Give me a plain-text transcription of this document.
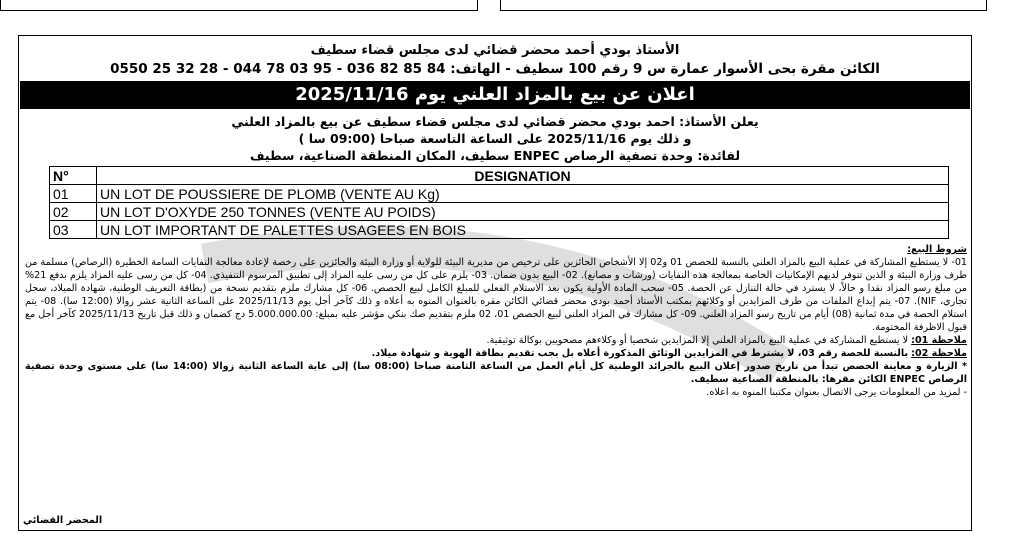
الأستاذ بودي أحمد محضر قضائي لدى مجلس قضاء سطيف
الكائن مقرة بحى الأسوار عمارة س 9 رقم 100 سطيف - الهاتف: 84 85 82 036 - 95 03 78 044 - 28 32 25 0550
اعلان عن بيع بالمزاد العلني يوم 2025/11/16
يعلن الأستاذ: احمد بودي محضر قضائي لدى مجلس قضاء سطيف عن بيع بالمزاد العلني
و ذلك يوم 2025/11/16 على الساعة التاسعة صباحا (09:00 سا )
لفائدة: وحدة تصفية الرصاص ENPEC سطيف، المكان المنطقة الصناعية، سطيف
N°	DESIGNATION
01	UN LOT DE POUSSIERE DE PLOMB (VENTE AU Kg)
02	UN LOT D'OXYDE 250 TONNES (VENTE AU POIDS)
03	UN LOT IMPORTANT DE PALETTES USAGEES EN BOIS

شروط البيع:

01- لا يستطيع المشاركة في عملية البيع بالمزاد العلني بالنسبة للحصص 01 و02 إلا الأشخاص الحائزين على ترخيص من مديرية البيئة للولاية أو وزارة البيئة والحائزين على رخصة لإعادة معالجة النفايات السامة الخطيرة (الرصاص) مسلمة من طرف وزارة البيئة و الذين تتوفر لديهم الإمكانيات الخاصة بمعالجة هذه النفايات (ورشات و مصانع). 02- البيع بدون ضمان. 03- يلزم على كل من رسى عليه المزاد إلى تطبيق المرسوم التنفيذي. 04- كل من رسى عليه المزاد يلزم بدفع 21% من مبلغ رسو المزاد نقدا و حالاً، لا يسترد في حالة التنازل عن الحصة. 05- سحب المادة الأولية يكون بعد الاستلام الفعلي للمبلغ الكامل لبيع الحصص. 06- كل مشارك ملزم بتقديم نسخة من (بطاقة التعريف الوطنية، شهادة الميلاد، سجل تجاري، NIF). 07- يتم إيداع الملفات من طرف المزايدين أو وكلائهم بمكتب الأستاذ أحمد بودي محضر قضائي الكائن مقره بالعنوان المنوه به أعلاه و ذلك كآخر أجل يوم 2025/11/13 على الساعة الثانية عشر زوالا (12:00 سا). 08- يتم استلام الحصة في مدة ثمانية (08) أيام من تاريخ رسو المزاد العلني. 09- كل مشارك في المزاد العلني لبيع الحصص 01، 02 ملزم بتقديم صك بنكي مؤشر عليه بمبلغ: 5.000.000.00 دج كضمان و ذلك قبل تاريخ 2025/11/13 كآخر أجل مع قبول الاظرفة المختومة.

ملاحظة 01: لا يستطيع المشاركة في عملية البيع بالمزاد العلني إلا المزايدين شخصيا أو وكلاءهم مصحوبين بوكالة توثيقية.

ملاحظة 02: بالنسبة للحصة رقم 03، لا يشترط في المزايدين الوثائق المذكورة أعلاه بل يجب تقديم بطاقة الهوية و شهادة ميلاد.

* الزيارة و معاينة الحصص تبدأ من تاريخ صدور إعلان البيع بالجرائد الوطنية كل أيام العمل من الساعة الثامنة صباحا (08:00 سا) إلى غاية الساعة الثانية زوالا (14:00 سا) على مستوى وحدة تصفية الرصاص ENPEC الكائن مقرها: بالمنطقة الصناعية سطيف.

- لمزيد من المعلومات يرجى الاتصال بعنوان مكتبنا المنوه به اعلاه.

المحضر القضائي
